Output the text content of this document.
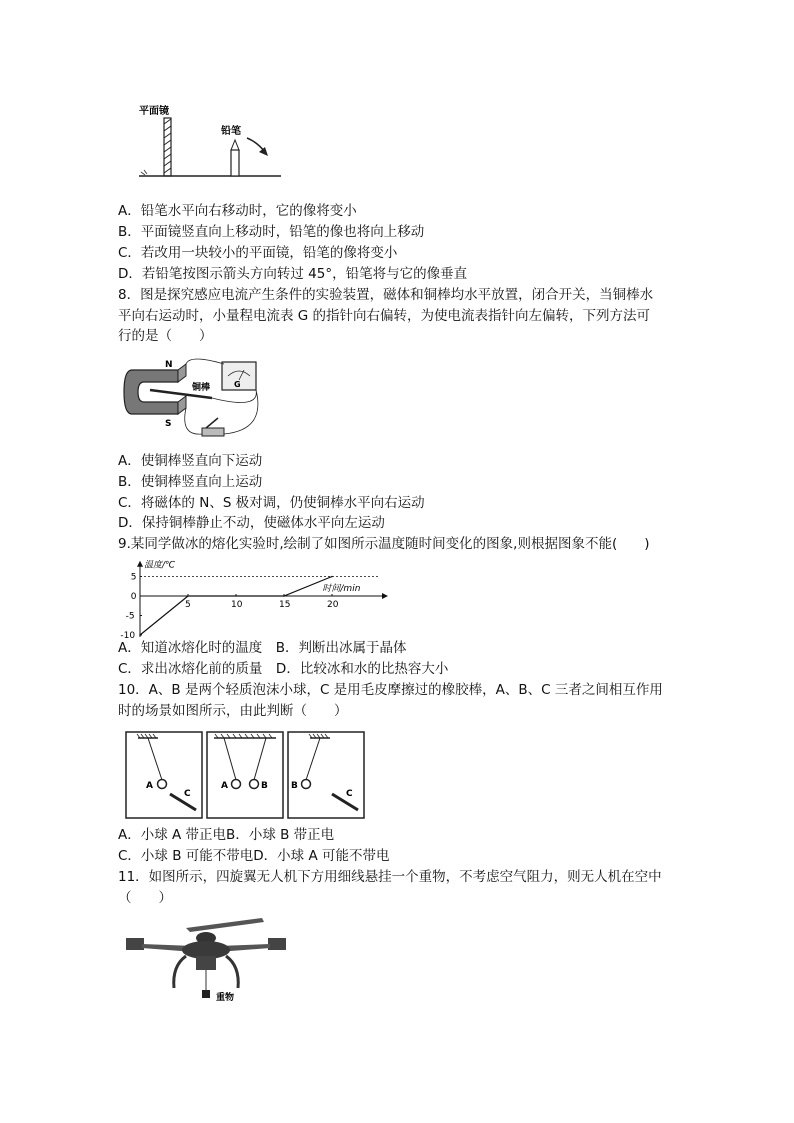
平面镜
铅笔
A．铅笔水平向右移动时，它的像将变小
B．平面镜竖直向上移动时，铅笔的像也将向上移动
C．若改用一块较小的平面镜，铅笔的像将变小
D．若铅笔按图示箭头方向转过 45°，铅笔将与它的像垂直
8．图是探究感应电流产生条件的实验装置，磁体和铜棒均水平放置，闭合开关，当铜棒水
平向右运动时，小量程电流表 G 的指针向右偏转，为使电流表指针向左偏转，下列方法可
行的是（　　）
N
S
铜棒	G
A．使铜棒竖直向下运动
B．使铜棒竖直向上运动
C．将磁体的 N、S 极对调，仍使铜棒水平向右运动
D．保持铜棒静止不动，使磁体水平向左运动
9.某同学做冰的熔化实验时,绘制了如图所示温度随时间变化的图象,则根据图象不能(　　)
温度/℃
时间/min
5	10	15	20
5
0
-5
-10
A．知道冰熔化时的温度　B．判断出冰属于晶体
C．求出冰熔化前的质量　D．比较冰和水的比热容大小
10．A、B 是两个轻质泡沫小球，C 是用毛皮摩擦过的橡胶棒，A、B、C 三者之间相互作用
时的场景如图所示，由此判断（　　）
A
C
A	B	B
C
A．小球 A 带正电B．小球 B 带正电
C．小球 B 可能不带电D．小球 A 可能不带电
11．如图所示，四旋翼无人机下方用细线悬挂一个重物，不考虑空气阻力，则无人机在空中
（　　）
重物
